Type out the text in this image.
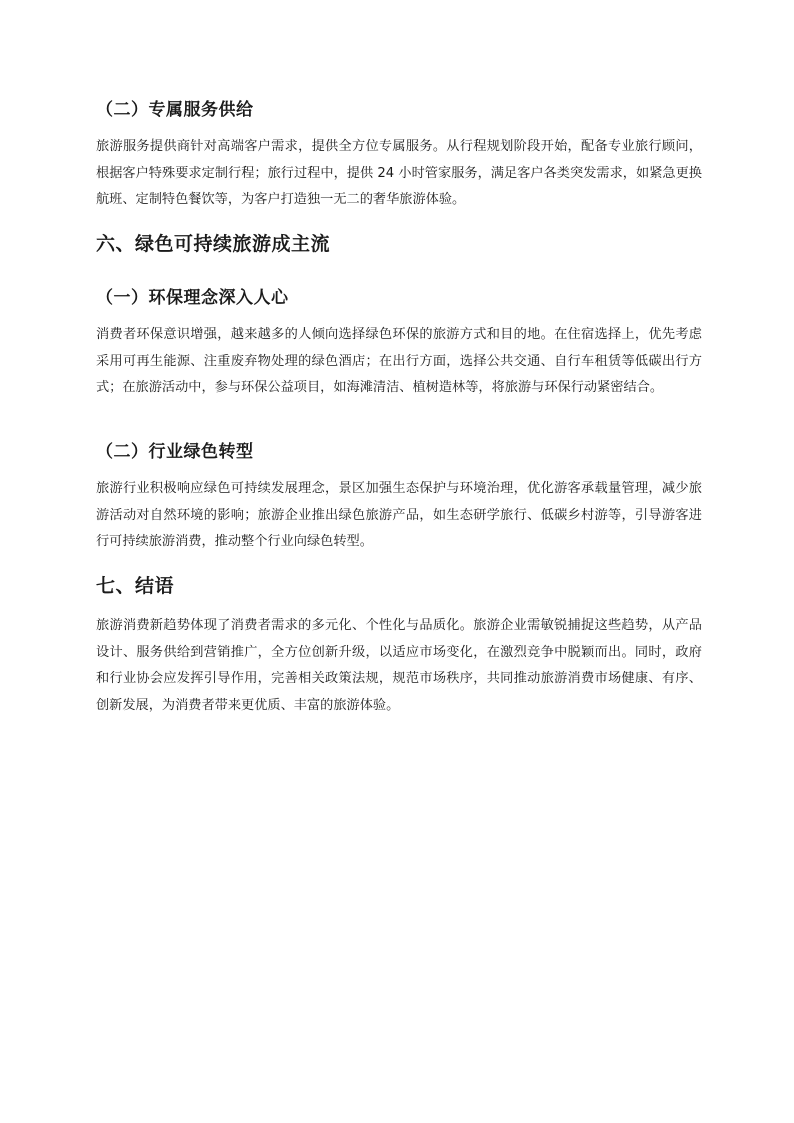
（二）专属服务供给

旅游服务提供商针对高端客户需求，提供全方位专属服务。从行程规划阶段开始，配备专业旅行顾问，根据客户特殊要求定制行程；旅行过程中，提供 24 小时管家服务，满足客户各类突发需求，如紧急更换航班、定制特色餐饮等，为客户打造独一无二的奢华旅游体验。

六、绿色可持续旅游成主流
（一）环保理念深入人心

消费者环保意识增强，越来越多的人倾向选择绿色环保的旅游方式和目的地。在住宿选择上，优先考虑采用可再生能源、注重废弃物处理的绿色酒店；在出行方面，选择公共交通、自行车租赁等低碳出行方式；在旅游活动中，参与环保公益项目，如海滩清洁、植树造林等，将旅游与环保行动紧密结合。

（二）行业绿色转型

旅游行业积极响应绿色可持续发展理念，景区加强生态保护与环境治理，优化游客承载量管理，减少旅游活动对自然环境的影响；旅游企业推出绿色旅游产品，如生态研学旅行、低碳乡村游等，引导游客进行可持续旅游消费，推动整个行业向绿色转型。

七、结语

旅游消费新趋势体现了消费者需求的多元化、个性化与品质化。旅游企业需敏锐捕捉这些趋势，从产品设计、服务供给到营销推广，全方位创新升级，以适应市场变化，在激烈竞争中脱颖而出。同时，政府和行业协会应发挥引导作用，完善相关政策法规，规范市场秩序，共同推动旅游消费市场健康、有序、创新发展，为消费者带来更优质、丰富的旅游体验。
